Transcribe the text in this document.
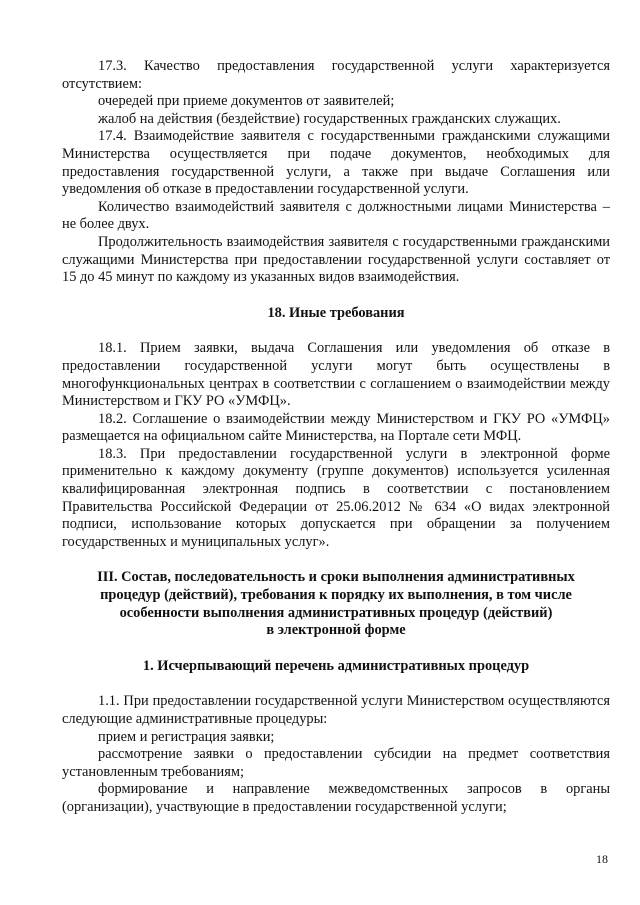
17.3. Качество предоставления государственной услуги характеризуется отсутствием:

очередей при приеме документов от заявителей;

жалоб на действия (бездействие) государственных гражданских служащих.

17.4. Взаимодействие заявителя с государственными гражданскими служащими Министерства осуществляется при подаче документов, необходимых для предоставления государственной услуги, а также при выдаче Соглашения или уведомления об отказе в предоставлении государственной услуги.

Количество взаимодействий заявителя с должностными лицами Министерства – не более двух.

Продолжительность взаимодействия заявителя с государственными гражданскими служащими Министерства при предоставлении государственной услуги составляет от 15 до 45 минут по каждому из указанных видов взаимодействия.

18. Иные требования

18.1. Прием заявки, выдача Соглашения или уведомления об отказе в предоставлении государственной услуги могут быть осуществлены в многофункциональных центрах в соответствии с соглашением о взаимодействии между Министерством и ГКУ РО «УМФЦ».

18.2. Соглашение о взаимодействии между Министерством и ГКУ РО «УМФЦ» размещается на официальном сайте Министерства, на Портале сети МФЦ.

18.3. При предоставлении государственной услуги в электронной форме применительно к каждому документу (группе документов) используется усиленная квалифицированная электронная подпись в соответствии с постановлением Правительства Российской Федерации от 25.06.2012 № 634 «О видах электронной подписи, использование которых допускается при обращении за получением государственных и муниципальных услуг».

III. Состав, последовательность и сроки выполнения административных

процедур (действий), требования к порядку их выполнения, в том числе

особенности выполнения административных процедур (действий)

в электронной форме

1. Исчерпывающий перечень административных процедур

1.1. При предоставлении государственной услуги Министерством осуществляются следующие административные процедуры:

прием и регистрация заявки;

рассмотрение заявки о предоставлении субсидии на предмет соответствия установленным требованиям;

формирование и направление межведомственных запросов в органы (организации), участвующие в предоставлении государственной услуги;

18
